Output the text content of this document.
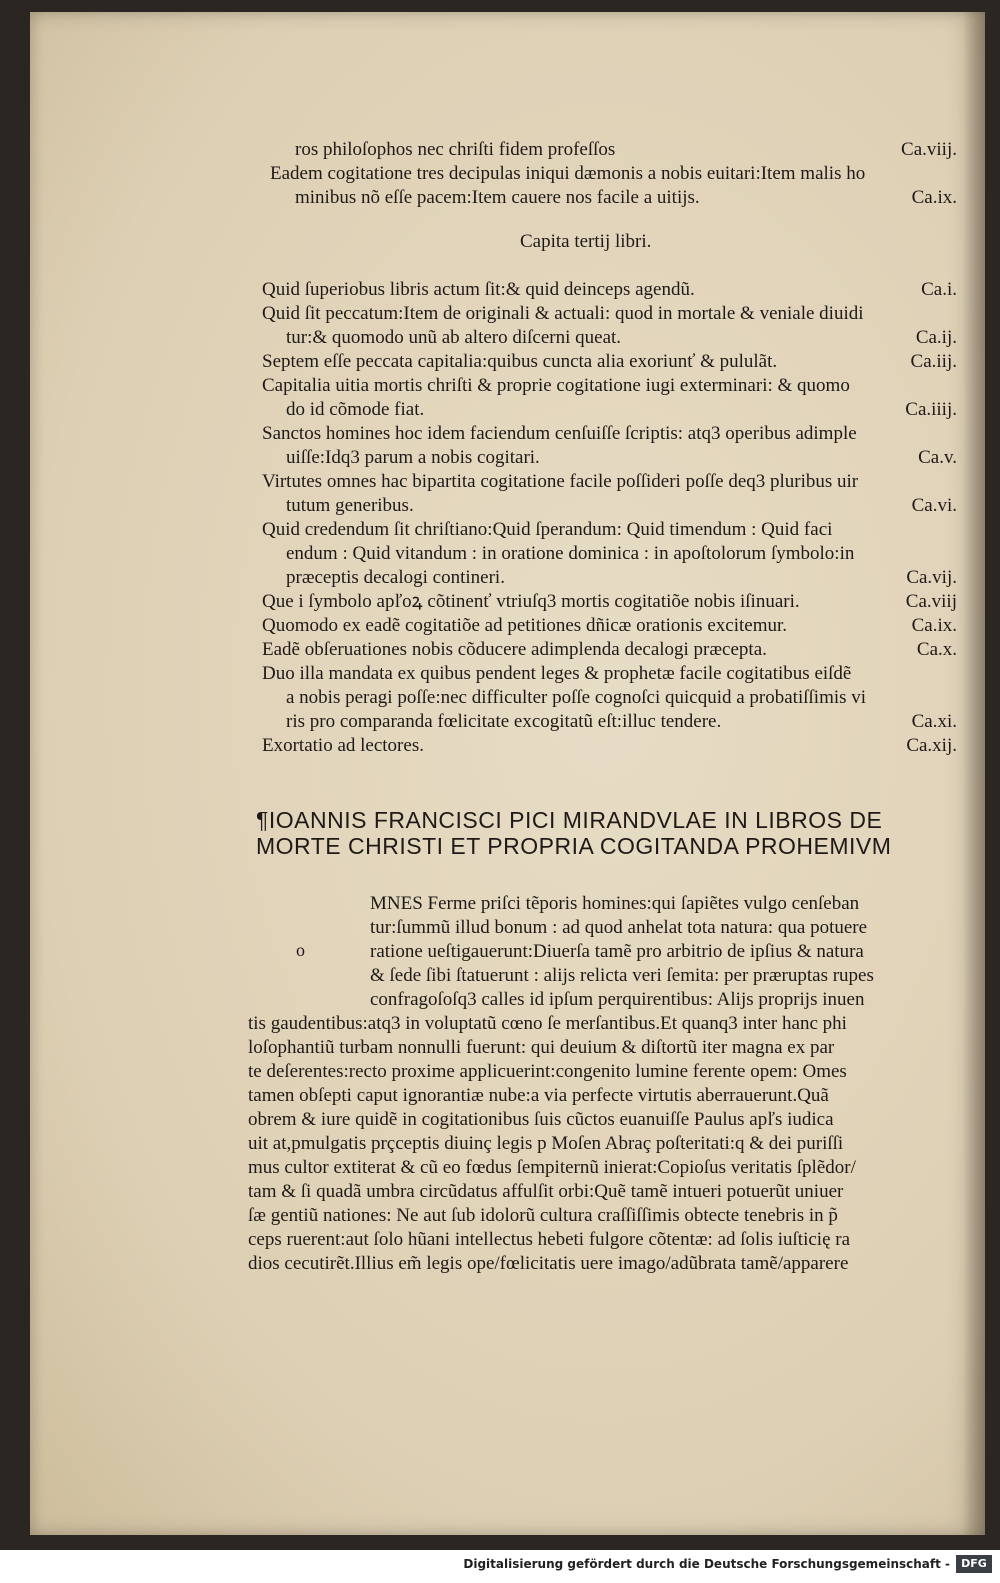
ros philoſophos nec chriſti fidem profeſſos	Ca.viij.
Eadem cogitatione tres decipulas iniqui dæmonis a nobis euitari:Item malis ho
minibus nõ eſſe pacem:Item cauere nos facile a uitijs.	Ca.ix.
Capita tertij libri.
Quid ſuperiobus libris actum ſit:& quid deinceps agendũ.	Ca.i.
Quid ſit peccatum:Item de originali & actuali: quod in mortale & veniale diuidi
tur:& quomodo unũ ab altero diſcerni queat.	Ca.ij.
Septem eſſe peccata capitalia:quibus cuncta alia exoriunť & pululãt.	Ca.iij.
Capitalia uitia mortis chriſti & proprie cogitatione iugi exterminari: & quomo
do id cõmode fiat.	Ca.iiij.
Sanctos homines hoc idem faciendum cenſuiſſe ſcriptis: atq3 operibus adimple
uiſſe:Idq3 parum a nobis cogitari.	Ca.v.
Virtutes omnes hac bipartita cogitatione facile poſſideri poſſe deq3 pluribus uir
tutum generibus.	Ca.vi.
Quid credendum ſit chriſtiano:Quid ſperandum: Quid timendum : Quid faci
endum : Quid vitandum : in oratione dominica : in apoſtolorum ſymbolo:in
præceptis decalogi contineri.	Ca.vij.
Que i ſymbolo apľoꝝ cõtinenť vtriuſq3 mortis cogitatiõe nobis iſinuari.	Ca.viij
Quomodo ex eadẽ cogitatiõe ad petitiones dñicæ orationis excitemur.	Ca.ix.
Eadẽ obſeruationes nobis cõducere adimplenda decalogi præcepta.	Ca.x.
Duo illa mandata ex quibus pendent leges & prophetæ facile cogitatibus eiſdẽ
a nobis peragi poſſe:nec difficulter poſſe cognoſci quicquid a probatiſſimis vi
ris pro comparanda fœlicitate excogitatũ eſt:illuc tendere.	Ca.xi.
Exortatio ad lectores.	Ca.xij.
¶IOANNIS FRANCISCI PICI MIRANDVLAE IN LIBROS DE
MORTE CHRISTI ET PROPRIA COGITANDA PROHEMIVM
o
MNES Ferme priſci tẽporis homines:qui ſapiẽtes vulgo cenſeban
tur:ſummũ illud bonum : ad quod anhelat tota natura: qua potuere
ratione ueſtigauerunt:Diuerſa tamẽ pro arbitrio de ipſius & natura
& ſede ſibi ſtatuerunt : alijs relicta veri ſemita: per præruptas rupes
confragoſoſq3 calles id ipſum perquirentibus: Alijs proprijs inuen
tis gaudentibus:atq3 in voluptatũ cœno ſe merſantibus.Et quanq3 inter hanc phi
loſophantiũ turbam nonnulli fuerunt: qui deuium & diſtortũ iter magna ex par
te deſerentes:recto proxime applicuerint:congenito lumine ferente opem: Omes
tamen obſepti caput ignorantiæ nube:a via perfecte virtutis aberrauerunt.Quã
obrem & iure quidẽ in cogitationibus ſuis cũctos euanuiſſe Paulus apľs iudica
uit at,pmulgatis prçceptis diuinç legis p Moſen Abraç poſteritati:q & dei puriſſi
mus cultor extiterat & cũ eo fœdus ſempiternũ inierat:Copioſus veritatis ſplẽdor/
tam & ſi quadã umbra circũdatus affulſit orbi:Quẽ tamẽ intueri potuerũt uniuer
ſæ gentiũ nationes: Ne aut ſub idolorũ cultura craſſiſſimis obtecte tenebris in p̃
ceps ruerent:aut ſolo hũani intellectus hebeti fulgore cõtentæ: ad ſolis iuſticię ra
dios cecutirẽt.Illius em̃ legis ope/fœlicitatis uere imago/adũbrata tamẽ/apparere
Digitalisierung gefördert durch die Deutsche Forschungsgemeinschaft -	DFG
